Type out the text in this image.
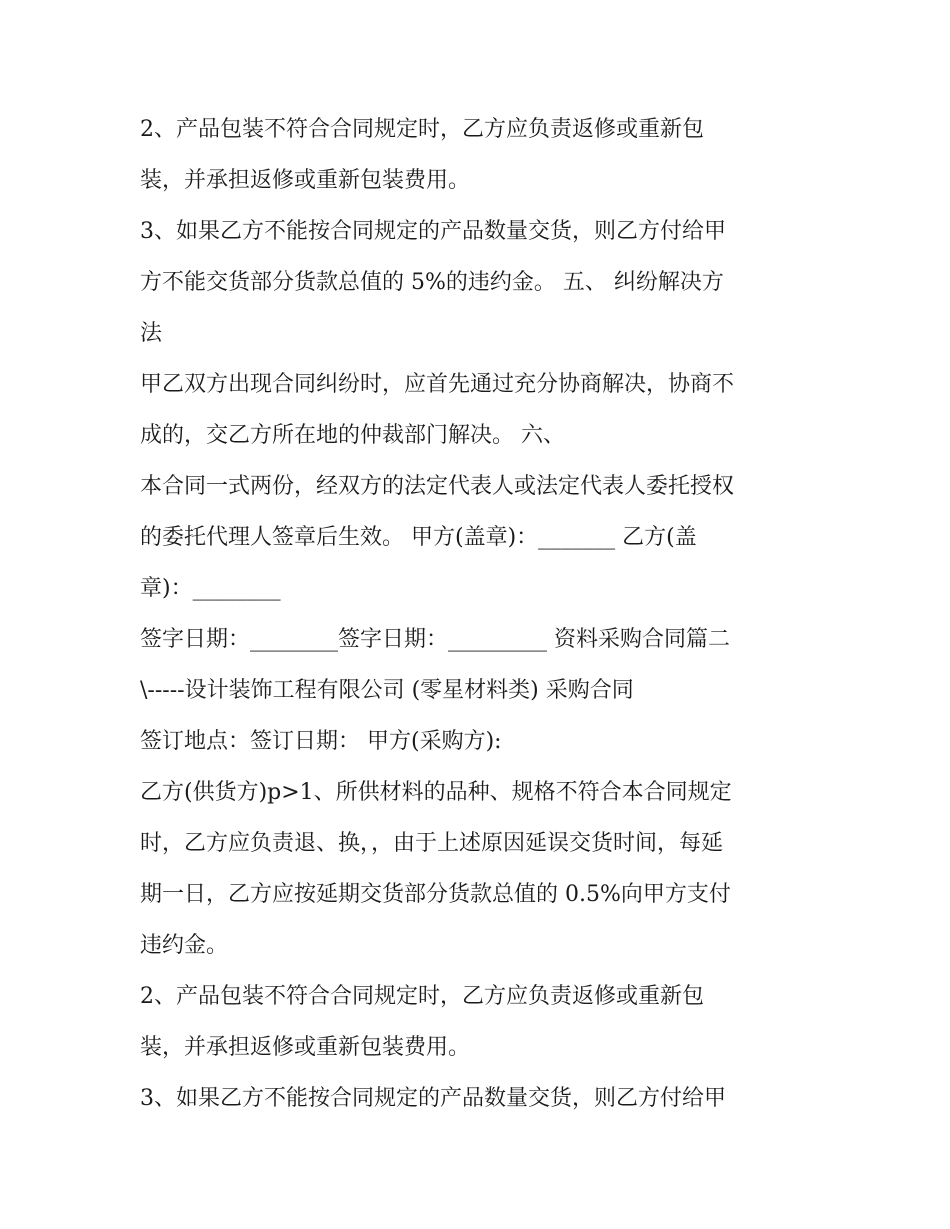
2、产品包装不符合合同规定时，乙方应负责返修或重新包
装，并承担返修或重新包装费用。
3、如果乙方不能按合同规定的产品数量交货，则乙方付给甲
方不能交货部分货款总值的 5%的违约金。 五、 纠纷解决方
法
甲乙双方出现合同纠纷时，应首先通过充分协商解决，协商不
成的，交乙方所在地的仲裁部门解决。 六、
本合同一式两份，经双方的法定代表人或法定代表人委托授权
的委托代理人签章后生效。 甲方(盖章)：_______ 乙方(盖
章)：________
签字日期：________签字日期：_________ 资料采购合同篇二
\-----设计装饰工程有限公司 (零星材料类) 采购合同
签订地点：签订日期： 甲方(采购方):
乙方(供货方)p>1、所供材料的品种、规格不符合本合同规定
时，乙方应负责退、换，，由于上述原因延误交货时间，每延
期一日，乙方应按延期交货部分货款总值的 0.5%向甲方支付
违约金。
2、产品包装不符合合同规定时，乙方应负责返修或重新包
装，并承担返修或重新包装费用。
3、如果乙方不能按合同规定的产品数量交货，则乙方付给甲
